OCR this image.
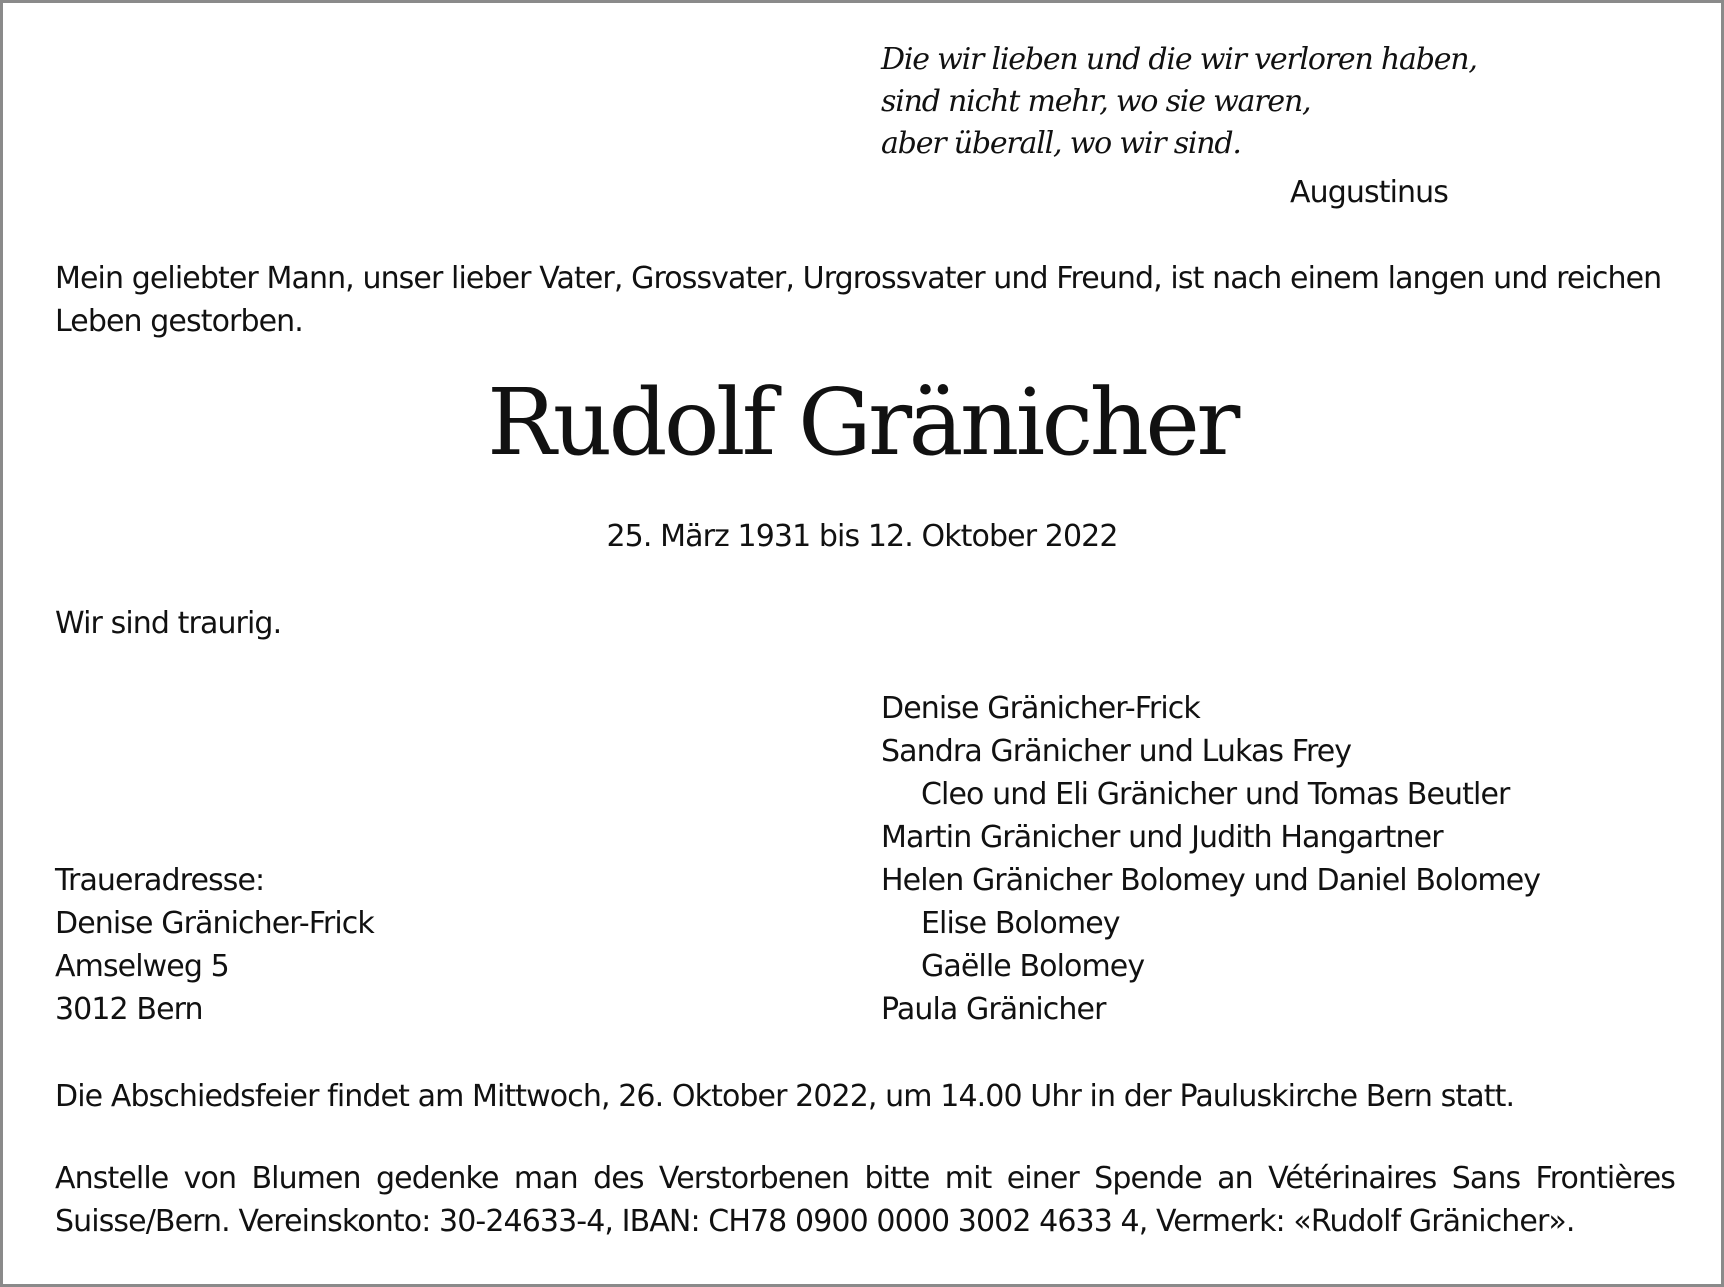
Die wir lieben und die wir verloren haben,
sind nicht mehr, wo sie waren,
aber überall, wo wir sind.
Augustinus
Mein geliebter Mann, unser lieber Vater, Grossvater, Urgrossvater und Freund, ist nach einem langen und reichen Leben gestorben.
Rudolf Gränicher
25. März 1931 bis 12. Oktober 2022
Wir sind traurig.
Denise Gränicher-Frick
Sandra Gränicher und Lukas Frey
Cleo und Eli Gränicher und Tomas Beutler
Martin Gränicher und Judith Hangartner
Helen Gränicher Bolomey und Daniel Bolomey
Elise Bolomey
Gaëlle Bolomey
Paula Gränicher
Traueradresse:
Denise Gränicher-Frick
Amselweg 5
3012 Bern
Die Abschiedsfeier findet am Mittwoch, 26. Oktober 2022, um 14.00 Uhr in der Pauluskirche Bern statt.
Anstelle von Blumen gedenke man des Verstorbenen bitte mit einer Spende an Vétérinaires Sans Frontières
Suisse/Bern. Vereinskonto: 30-24633-4, IBAN: CH78 0900 0000 3002 4633 4, Vermerk: «Rudolf Gränicher».
